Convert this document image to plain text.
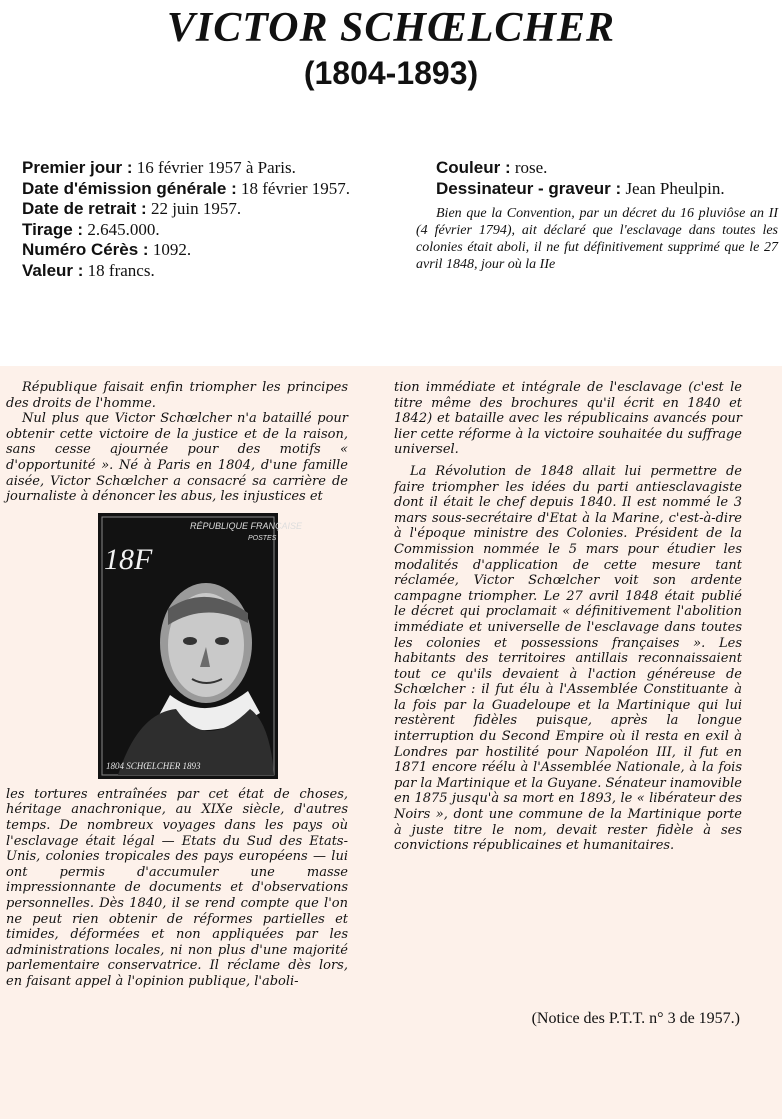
VICTOR SCHŒLCHER
(1804-1893)

Premier jour : 16 février 1957 à Paris.

Date d'émission générale : 18 février 1957.

Date de retrait : 22 juin 1957.

Tirage : 2.645.000.

Numéro Cérès : 1092.

Valeur : 18 francs.

Couleur : rose.

Dessinateur - graveur : Jean Pheulpin.

Bien que la Convention, par un décret du 16 pluviôse an II (4 février 1794), ait déclaré que l'esclavage dans toutes les colonies était aboli, il ne fut définitivement supprimé que le 27 avril 1848, jour où la IIe

République faisait enfin triompher les principes des droits de l'homme.

Nul plus que Victor Schœlcher n'a bataillé pour obtenir cette victoire de la justice et de la raison, sans cesse ajournée pour des motifs « d'opportunité ». Né à Paris en 1804, d'une famille aisée, Victor Schœlcher a consacré sa carrière de journaliste à dénoncer les abus, les injustices et

RÉPUBLIQUE FRANÇAISE
POSTES
18F
1804 SCHŒLCHER 1893

les tortures entraînées par cet état de choses, héritage anachronique, au XIXe siècle, d'autres temps. De nombreux voyages dans les pays où l'esclavage était légal — Etats du Sud des Etats-Unis, colonies tropicales des pays européens — lui ont permis d'accumuler une masse impressionnante de documents et d'observations personnelles. Dès 1840, il se rend compte que l'on ne peut rien obtenir de réformes partielles et timides, déformées et non appliquées par les administrations locales, ni non plus d'une majorité parlementaire conservatrice. Il réclame dès lors, en faisant appel à l'opinion publique, l'aboli-

tion immédiate et intégrale de l'esclavage (c'est le titre même des brochures qu'il écrit en 1840 et 1842) et bataille avec les républicains avancés pour lier cette réforme à la victoire souhaitée du suffrage universel.

La Révolution de 1848 allait lui permettre de faire triompher les idées du parti antiesclavagiste dont il était le chef depuis 1840. Il est nommé le 3 mars sous-secrétaire d'Etat à la Marine, c'est-à-dire à l'époque ministre des Colonies. Président de la Commission nommée le 5 mars pour étudier les modalités d'application de cette mesure tant réclamée, Victor Schœlcher voit son ardente campagne triompher. Le 27 avril 1848 était publié le décret qui proclamait « définitivement l'abolition immédiate et universelle de l'esclavage dans toutes les colonies et possessions françaises ». Les habitants des territoires antillais reconnaissaient tout ce qu'ils devaient à l'action généreuse de Schœlcher : il fut élu à l'Assemblée Constituante à la fois par la Guadeloupe et la Martinique qui lui restèrent fidèles puisque, après la longue interruption du Second Empire où il resta en exil à Londres par hostilité pour Napoléon III, il fut en 1871 encore réélu à l'Assemblée Nationale, à la fois par la Martinique et la Guyane. Sénateur inamovible en 1875 jusqu'à sa mort en 1893, le « libérateur des Noirs », dont une commune de la Martinique porte à juste titre le nom, devait rester fidèle à ses convictions républicaines et humanitaires.

(Notice des P.T.T. n° 3 de 1957.)
